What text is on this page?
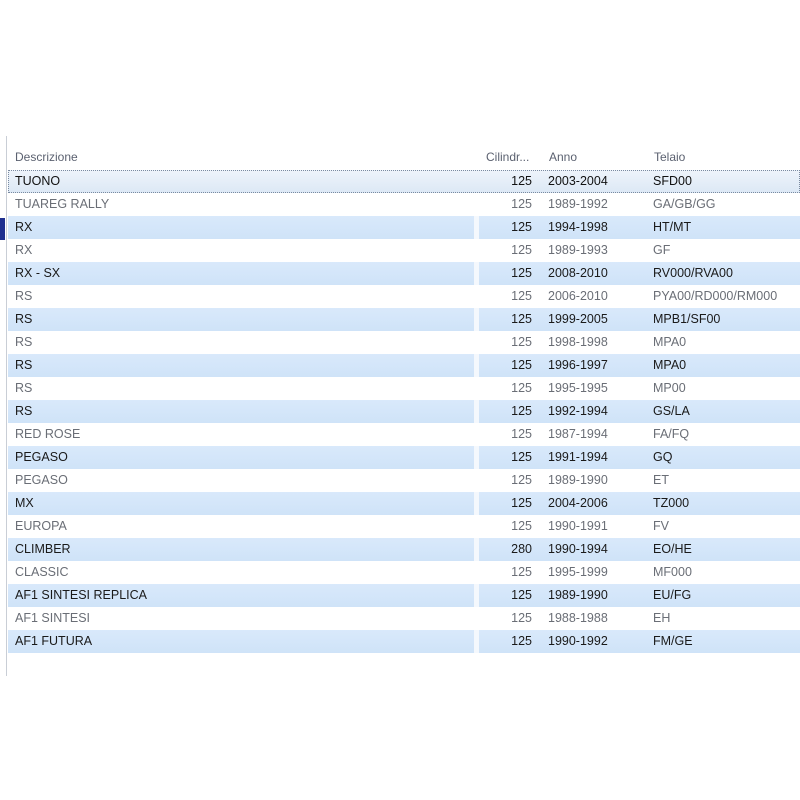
Descrizione	Cilindr... Anno	Telaio
TUONO	125 2003-2004	SFD00
TUAREG RALLY	125 1989-1992	GA/GB/GG
RX	125 1994-1998	HT/MT
RX	125 1989-1993	GF
RX - SX	125 2008-2010	RV000/RVA00
RS	125 2006-2010	PYA00/RD000/RM000
RS	125 1999-2005	MPB1/SF00
RS	125 1998-1998	MPA0
RS	125 1996-1997	MPA0
RS	125 1995-1995	MP00
RS	125 1992-1994	GS/LA
RED ROSE	125 1987-1994	FA/FQ
PEGASO	125 1991-1994	GQ
PEGASO	125 1989-1990	ET
MX	125 2004-2006	TZ000
EUROPA	125 1990-1991	FV
CLIMBER	280 1990-1994	EO/HE
CLASSIC	125 1995-1999	MF000
AF1 SINTESI REPLICA	125 1989-1990	EU/FG
AF1 SINTESI	125 1988-1988	EH
AF1 FUTURA	125 1990-1992	FM/GE
